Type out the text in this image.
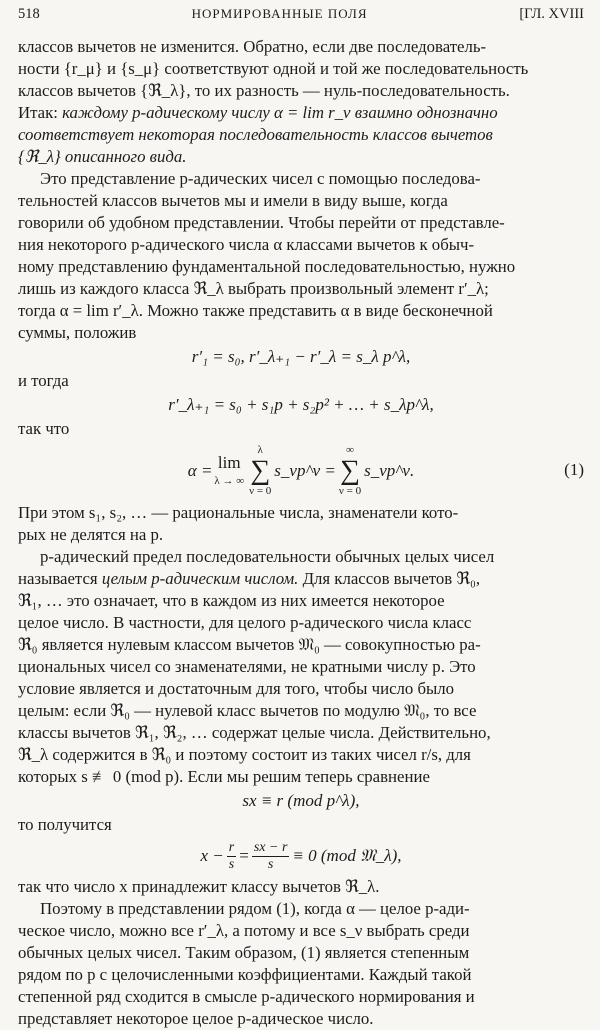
518	НОРМИРОВАННЫЕ ПОЛЯ	[ГЛ. XVIII

классов вычетов не изменится. Обратно, если две последователь-

ности {r_μ} и {s_μ} соответствуют одной и той же последовательность

классов вычетов {ℜ_λ}, то их разность — нуль-последовательность.

Итак: каждому p-адическому числу α = lim r_ν взаимно однозначно

соответствует некоторая последовательность классов вычетов

{ℜ_λ} описанного вида.

Это представление p-адических чисел с помощью последова-

тельностей классов вычетов мы и имели в виду выше, когда

говорили об удобном представлении. Чтобы перейти от представле-

ния некоторого p-адического числа α классами вычетов к обыч-

ному представлению фундаментальной последовательностью, нужно

лишь из каждого класса ℜ_λ выбрать произвольный элемент r′_λ;

тогда α = lim r′_λ. Можно также представить α в виде бесконечной

суммы, положив

r′₁ = s₀, r′_λ₊₁ − r′_λ = s_λ p^λ,

и тогда

r′_λ₊₁ = s₀ + s₁p + s₂p² + … + s_λp^λ,

так что

α = lim
λ → ∞
λ
∑
ν = 0
s_νp^ν =
∞
∑
ν = 0
s_νp^ν.	(1)

При этом s₁, s₂, … — рациональные числа, знаменатели кото-

рых не делятся на p.

p-адический предел последовательности обычных целых чисел

называется целым p-адическим числом. Для классов вычетов ℜ₀,

ℜ₁, … это означает, что в каждом из них имеется некоторое

целое число. В частности, для целого p-адического числа класс

ℜ₀ является нулевым классом вычетов 𝔐₀ — совокупностью ра-

циональных чисел со знаменателями, не кратными числу p. Это

условие является и достаточным для того, чтобы число было

целым: если ℜ₀ — нулевой класс вычетов по модулю 𝔐₀, то все

классы вычетов ℜ₁, ℜ₂, … содержат целые числа. Действительно,

ℜ_λ содержится в ℜ₀ и поэтому состоит из таких чисел r/s, для

которых s ≢ 0 (mod p). Если мы решим теперь сравнение

sx ≡ r (mod p^λ),

то получится

$x - \frac{r}{s} = \frac{sx - r}{s} \equiv 0$ (mod 𝔐_λ),

так что число x принадлежит классу вычетов ℜ_λ.

Поэтому в представлении рядом (1), когда α — целое p-ади-

ческое число, можно все r′_λ, а потому и все s_ν выбрать среди

обычных целых чисел. Таким образом, (1) является степенным

рядом по p с целочисленными коэффициентами. Каждый такой

степенной ряд сходится в смысле p-адического нормирования и

представляет некоторое целое p-адическое число.
